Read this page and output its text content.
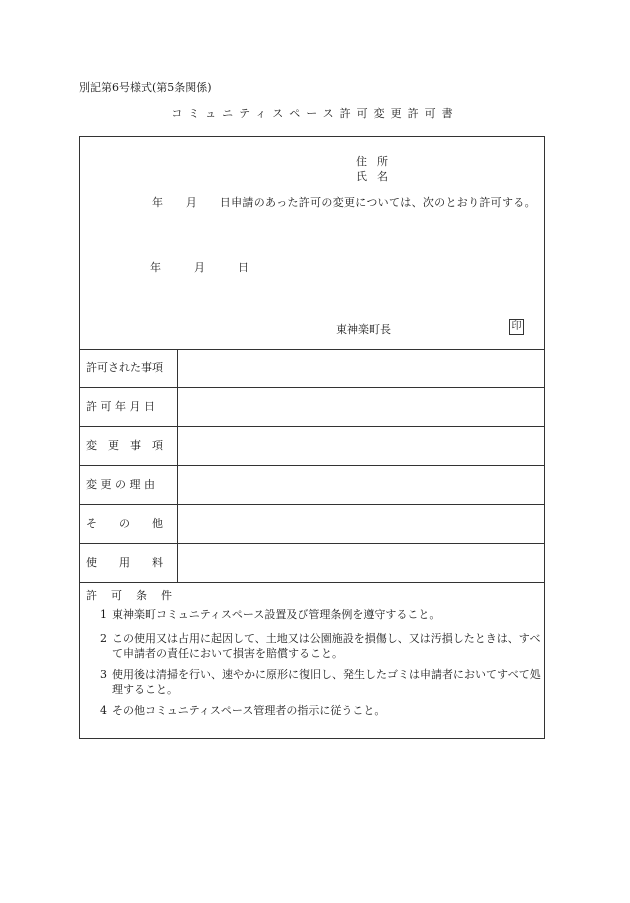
別記第6号様式(第5条関係)
コミュニティスペース許可変更許可書
住所
氏名
年　　月　　日申請のあった許可の変更については、次のとおり許可する。
年	月	日
東神楽町長	印
許可された事項
許 可 年 月 日
変　更　事　項
変 更 の 理 由
そ　　の　　他
使　　用　　料
許可条件
1 東神楽町コミュニティスペース設置及び管理条例を遵守すること。
2 この使用又は占用に起因して、土地又は公園施設を損傷し、又は汚損したときは、すべて申請者の責任において損害を賠償すること。
3 使用後は清掃を行い、速やかに原形に復旧し、発生したゴミは申請者においてすべて処理すること。
4 その他コミュニティスペース管理者の指示に従うこと。
